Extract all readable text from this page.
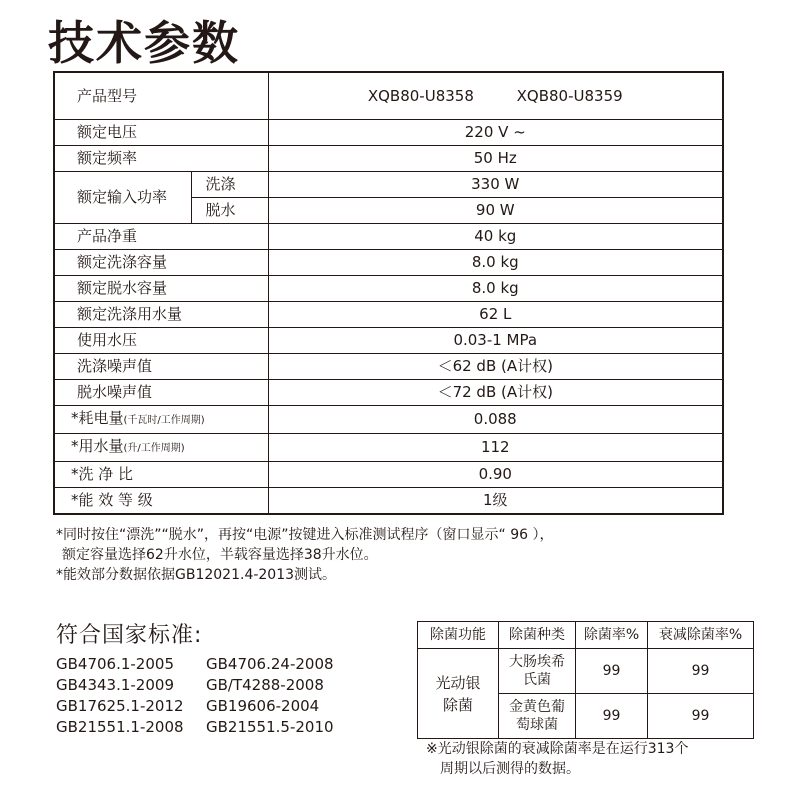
技术参数
产品型号		XQB80-U8358 XQB80-U8359
额定电压		220 V ~
额定频率		50 Hz
额定输入功率	洗涤	330 W
	脱水	90 W
产品净重		40 kg
额定洗涤容量		8.0 kg
额定脱水容量		8.0 kg
额定洗涤用水量		62 L
使用水压		0.03-1 MPa
洗涤噪声值		＜62 dB (A计权)
脱水噪声值		＜72 dB (A计权)
*耗电量(千瓦时/工作周期)		0.088
*用水量(升/工作周期)		112
*洗 净 比		0.90
*能 效 等 级		1级
*同时按住“漂洗”“脱水”，再按“电源”按键进入标准测试程序（窗口显示“ 96 ），
额定容量选择62升水位，半载容量选择38升水位。
*能效部分数据依据GB12021.4-2013测试。
符合国家标准:
GB4706.1-2005	GB4706.24-2008
GB4343.1-2009	GB/T4288-2008
GB17625.1-2012	GB19606-2004
GB21551.1-2008	GB21551.5-2010
除菌功能	除菌种类	除菌率%	衰减除菌率%
光动银除菌	大肠埃希氏菌	99	99
	金黄色葡萄球菌	99	99
※光动银除菌的衰减除菌率是在运行313个
周期以后测得的数据。
